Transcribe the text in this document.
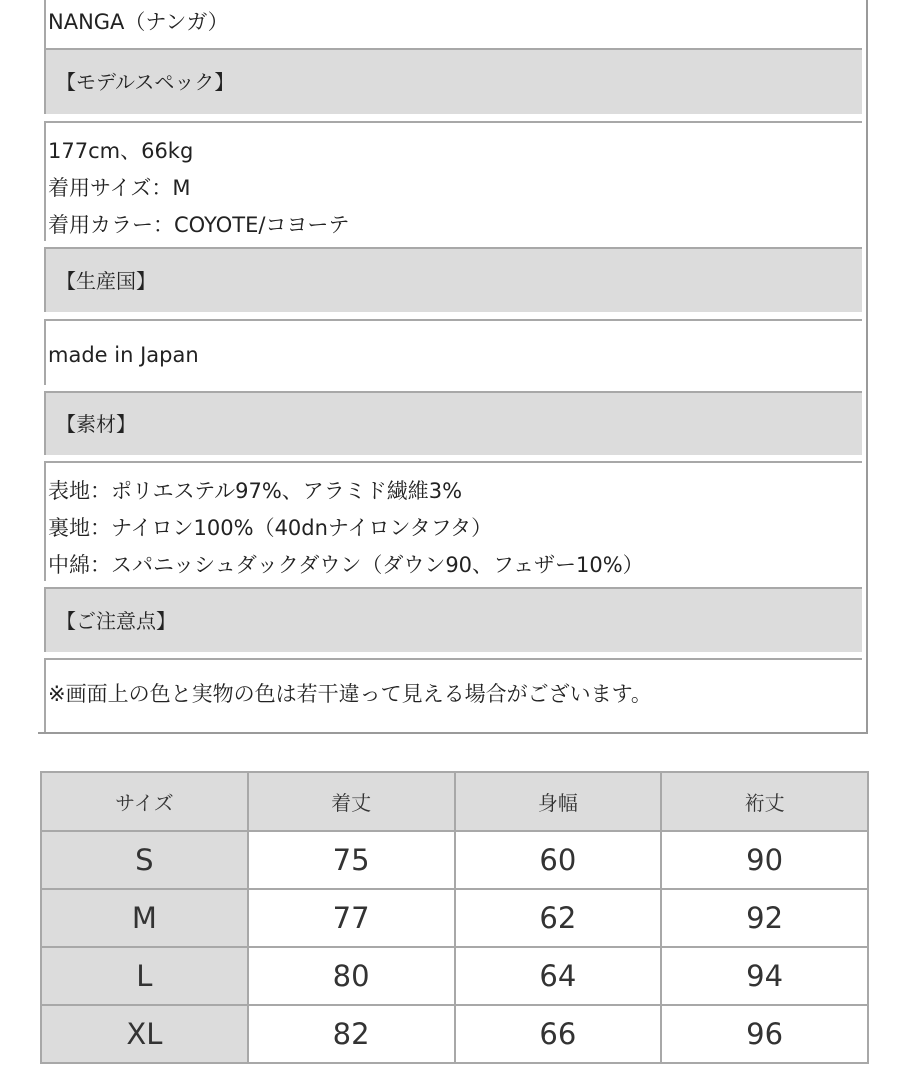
NANGA（ナンガ）
【モデルスペック】
177cm、66kg
着用サイズ：M
着用カラー：COYOTE/コヨーテ
【生産国】
made in Japan
【素材】
表地：ポリエステル97%、アラミド繊維3%
裏地：ナイロン100%（40dnナイロンタフタ）
中綿：スパニッシュダックダウン（ダウン90、フェザー10%）
【ご注意点】
※画面上の色と実物の色は若干違って見える場合がございます。
サイズ	着丈	身幅	裄丈
S	75	60	90
M	77	62	92
L	80	64	94
XL	82	66	96
